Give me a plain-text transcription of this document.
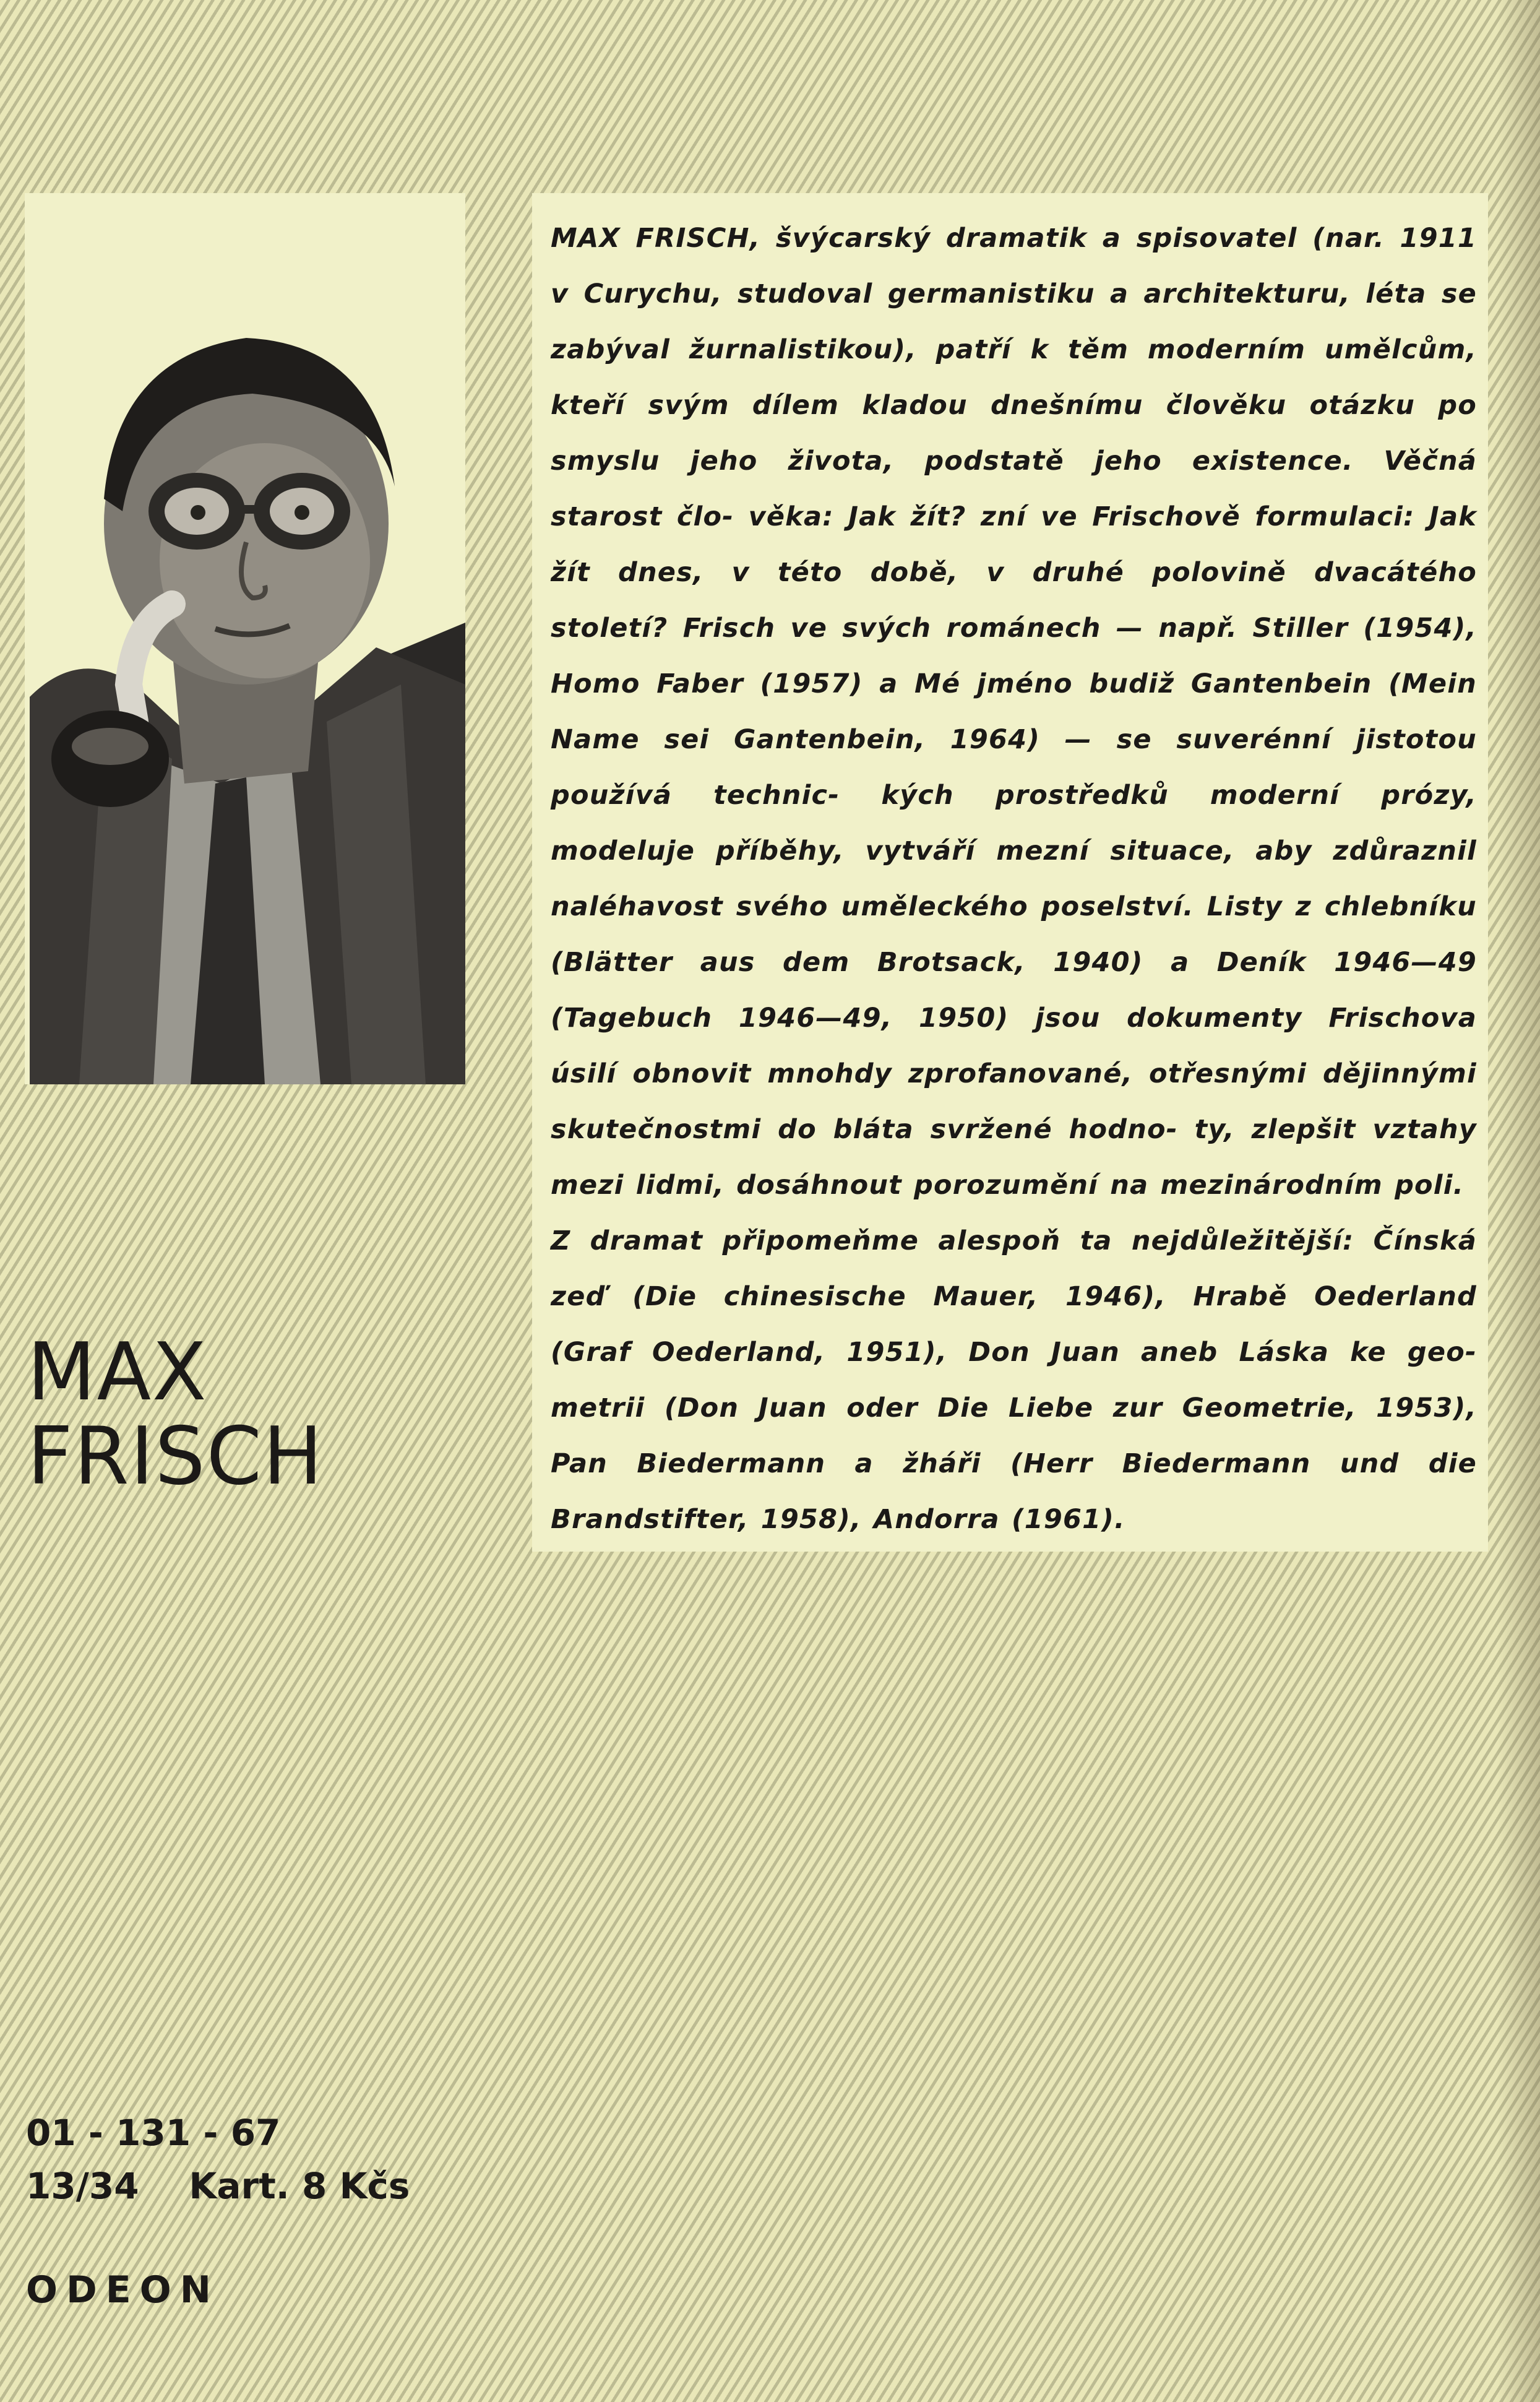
MAX FRISCH, švýcarský dramatik a spisovatel (nar. 1911 v Curychu, studoval germanistiku a architekturu, léta se zabýval žurnalistikou), patří k těm moderním umělcům, kteří svým dílem kladou dnešnímu člověku otázku po smyslu jeho života, podstatě jeho existence. Věčná starost člo- věka: Jak žít? zní ve Frischově formulaci: Jak žít dnes, v této době, v druhé polovině dvacátého století? Frisch ve svých románech — např. Stiller (1954), Homo Faber (1957) a Mé jméno budiž Gantenbein (Mein Name sei Gantenbein, 1964) — se suverénní jistotou používá technic- kých prostředků moderní prózy, modeluje příběhy, vytváří mezní situace, aby zdůraznil naléhavost svého uměleckého poselství. Listy z chlebníku (Blätter aus dem Brotsack, 1940) a Deník 1946—49 (Tagebuch 1946—49, 1950) jsou dokumenty Frischova úsilí obnovit mnohdy zprofanované, otřesnými dějinnými skutečnostmi do bláta svržené hodno- ty, zlepšit vztahy mezi lidmi, dosáhnout porozumění na mezinárodním poli.

Z dramat připomeňme alespoň ta nejdůležitější: Čínská zeď (Die chinesische Mauer, 1946), Hrabě Oederland (Graf Oederland, 1951), Don Juan aneb Láska ke geo- metrii (Don Juan oder Die Liebe zur Geometrie, 1953), Pan Biedermann a žháři (Herr Biedermann und die Brandstifter, 1958), Andorra (1961).

MAX
FRISCH
01 - 131 - 67
13/34    Kart. 8 Kčs
ODEON
